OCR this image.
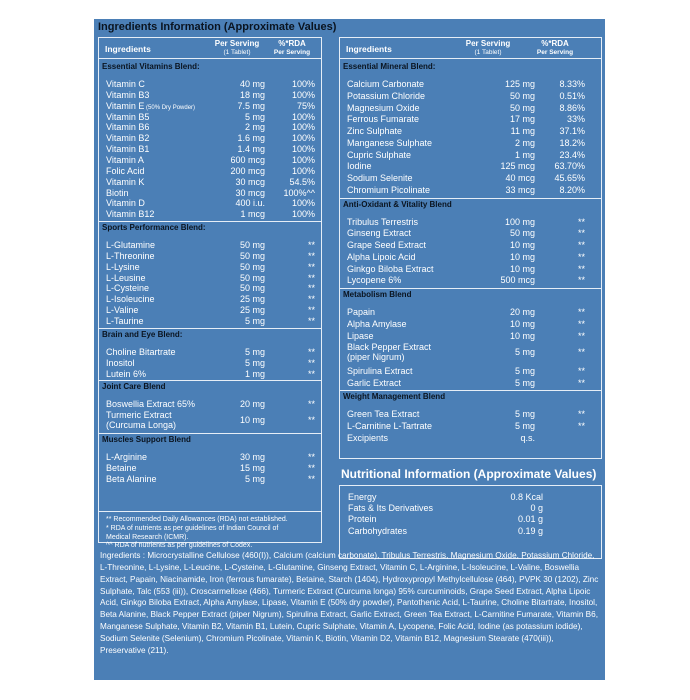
Ingredients Information (Approximate Values)
Ingredients
Per Serving
(1 Tablet)
%*RDA
Per Serving
Essential Vitamins Blend:
Vitamin C	40 mg	100%
Vitamin B3	18 mg	100%
Vitamin E (50% Dry Powder)	7.5 mg	75%
Vitamin B5	5 mg	100%
Vitamin B6	2 mg	100%
Vitamin B2	1.6 mg	100%
Vitamin B1	1.4 mg	100%
Vitamin A	600 mcg	100%
Folic Acid	200 mcg	100%
Vitamin K	30 mcg	54.5%
Biotin	30 mcg 100%^^
Vitamin D	400 i.u.	100%
Vitamin B12	1 mcg	100%
Sports Performance Blend:
L-Glutamine	50 mg	**
L-Threonine	50 mg	**
L-Lysine	50 mg	**
L-Leusine	50 mg	**
L-Cysteine	50 mg	**
L-Isoleucine	25 mg	**
L-Valine	25 mg	**
L-Taurine	5 mg	**
Brain and Eye Blend:
Choline Bitartrate	5 mg	**
Inositol	5 mg	**
Lutein 6%	1 mg	**
Joint Care Blend
Boswellia Extract 65%	20 mg	**
Turmeric Extract
(Curcuma Longa)	10 mg	**
Muscles Support Blend
L-Arginine	30 mg	**
Betaine	15 mg	**
Beta Alanine	5 mg	**
** Recommended Daily Allowances (RDA) not established.
* RDA of nutrients as per guidelines of Indian Council of
Medical Research (ICMR).
^^ RDA of nutrients as per guidelines of Codex.
Ingredients
Per Serving
(1 Tablet)
%*RDA
Per Serving
Essential Mineral Blend:
Calcium Carbonate	125 mg	8.33%
Potassium Chloride	50 mg	0.51%
Magnesium Oxide	50 mg	8.86%
Ferrous Fumarate	17 mg	33%
Zinc Sulphate	11 mg	37.1%
Manganese Sulphate	2 mg	18.2%
Cupric Sulphate	1 mg	23.4%
Iodine	125 mcg 63.70%
Sodium Selenite	40 mcg 45.65%
Chromium Picolinate	33 mcg	8.20%
Anti-Oxidant & Vitality Blend
Tribulus Terrestris	100 mg	**
Ginseng Extract	50 mg	**
Grape Seed Extract	10 mg	**
Alpha Lipoic Acid	10 mg	**
Ginkgo Biloba Extract	10 mg	**
Lycopene 6%	500 mcg	**
Metabolism Blend
Papain	20 mg	**
Alpha Amylase	10 mg	**
Lipase	10 mg	**
Black Pepper Extract
(piper Nigrum)	5 mg	**
Spirulina Extract	5 mg	**
Garlic Extract	5 mg	**
Weight Management Blend
Green Tea Extract	5 mg	**
L-Carnitine L-Tartrate	5 mg	**
Excipients	q.s.
Nutritional Information (Approximate Values)
Energy	0.8 Kcal
Fats & Its Derivatives	0 g
Protein	0.01 g
Carbohydrates	0.19 g
Ingredients : Microcrystalline Cellulose (460(I)), Calcium (calcium carbonate), Tribulus Terrestris, Magnesium Oxide, Potassium Chloride, L-Threonine, L-Lysine, L-Leucine, L-Cysteine, L-Glutamine, Ginseng Extract, Vitamin C, L-Arginine, L-Isoleucine, L-Valine, Boswellia Extract, Papain, Niacinamide, Iron (ferrous fumarate), Betaine, Starch (1404), Hydroxypropyl Methylcellulose (464), PVPK 30 (1202), Zinc Sulphate, Talc (553 (iii)), Croscarmellose (466), Turmeric Extract (Curcuma longa) 95% curcuminoids, Grape Seed Extract, Alpha Lipoic Acid, Ginkgo Biloba Extract, Alpha Amylase, Lipase, Vitamin E (50% dry powder), Pantothenic Acid, L-Taurine, Choline Bitartrate, Inositol, Beta Alanine, Black Pepper Extract (piper Nigrum), Spirulina Extract, Garlic Extract, Green Tea Extract, L-Carnitine Fumarate, Vitamin B6, Manganese Sulphate, Vitamin B2, Vitamin B1, Lutein, Cupric Sulphate, Vitamin A, Lycopene, Folic Acid, Iodine (as potassium iodide), Sodium Selenite (Selenium), Chromium Picolinate, Vitamin K, Biotin, Vitamin D2, Vitamin B12, Magnesium Stearate (470(iii)), Preservative (211).
